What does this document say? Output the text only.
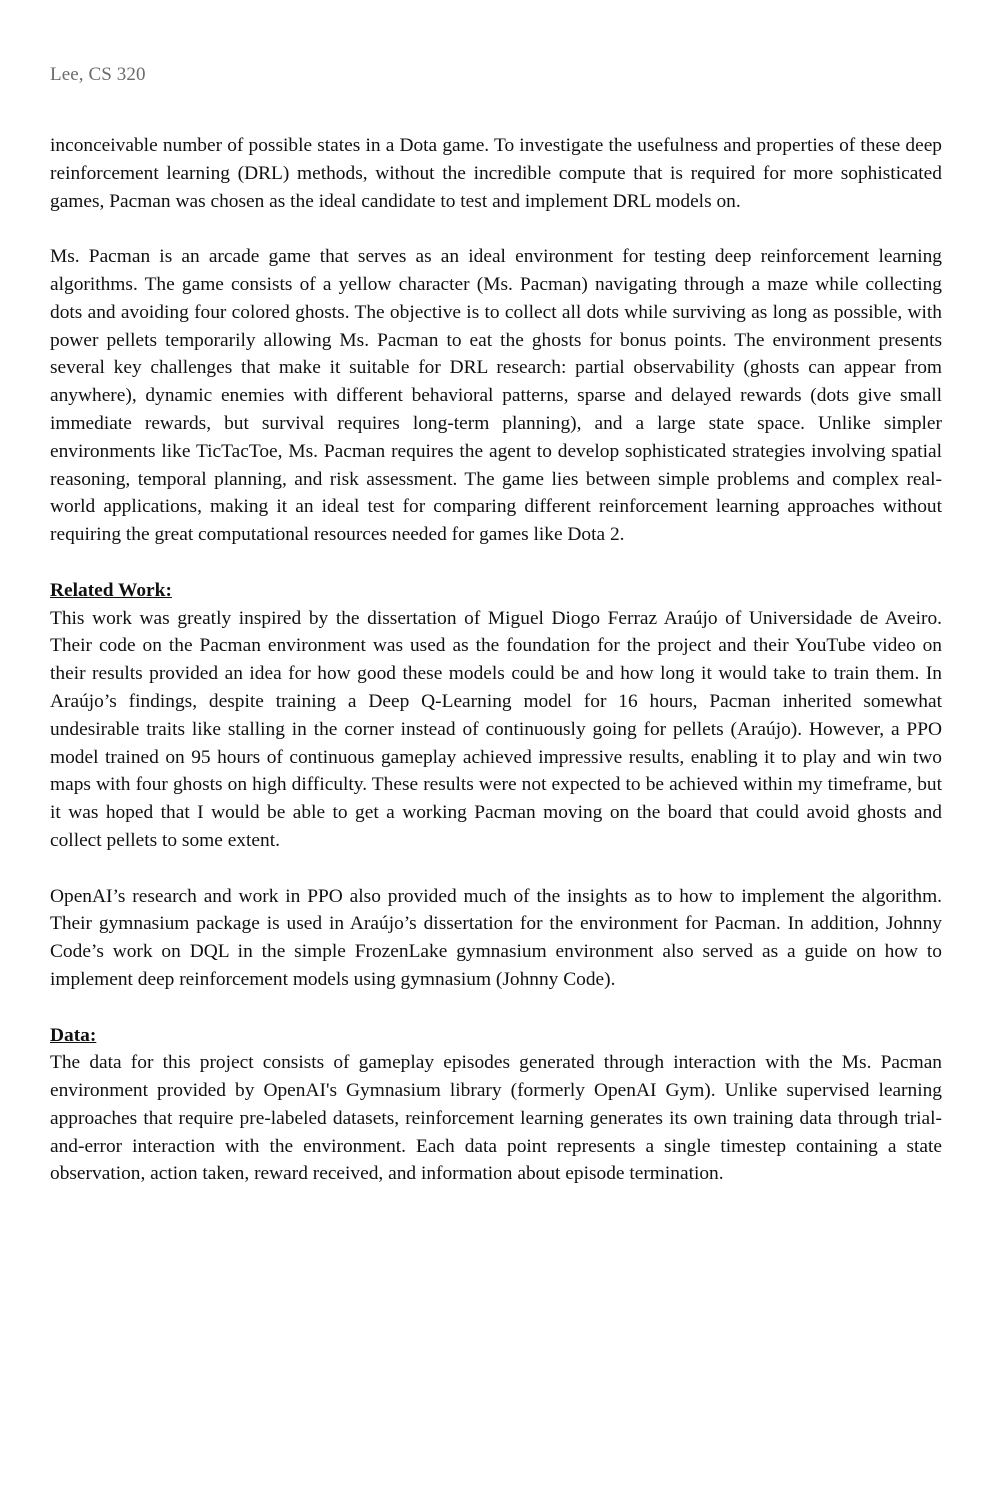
Lee, CS 320

inconceivable number of possible states in a Dota game. To investigate the usefulness and properties of these deep reinforcement learning (DRL) methods, without the incredible compute that is required for more sophisticated games, Pacman was chosen as the ideal candidate to test and implement DRL models on.

Ms. Pacman is an arcade game that serves as an ideal environment for testing deep reinforcement learning algorithms. The game consists of a yellow character (Ms. Pacman) navigating through a maze while collecting dots and avoiding four colored ghosts. The objective is to collect all dots while surviving as long as possible, with power pellets temporarily allowing Ms. Pacman to eat the ghosts for bonus points. The environment presents several key challenges that make it suitable for DRL research: partial observability (ghosts can appear from anywhere), dynamic enemies with different behavioral patterns, sparse and delayed rewards (dots give small immediate rewards, but survival requires long-term planning), and a large state space. Unlike simpler environments like TicTacToe, Ms. Pacman requires the agent to develop sophisticated strategies involving spatial reasoning, temporal planning, and risk assessment. The game lies between simple problems and complex real-world applications, making it an ideal test for comparing different reinforcement learning approaches without requiring the great computational resources needed for games like Dota 2.

Related Work:

This work was greatly inspired by the dissertation of Miguel Diogo Ferraz Araújo of Universidade de Aveiro. Their code on the Pacman environment was used as the foundation for the project and their YouTube video on their results provided an idea for how good these models could be and how long it would take to train them. In Araújo’s findings, despite training a Deep Q-Learning model for 16 hours, Pacman inherited somewhat undesirable traits like stalling in the corner instead of continuously going for pellets (Araújo). However, a PPO model trained on 95 hours of continuous gameplay achieved impressive results, enabling it to play and win two maps with four ghosts on high difficulty. These results were not expected to be achieved within my timeframe, but it was hoped that I would be able to get a working Pacman moving on the board that could avoid ghosts and collect pellets to some extent.

OpenAI’s research and work in PPO also provided much of the insights as to how to implement the algorithm. Their gymnasium package is used in Araújo’s dissertation for the environment for Pacman. In addition, Johnny Code’s work on DQL in the simple FrozenLake gymnasium environment also served as a guide on how to implement deep reinforcement models using gymnasium (Johnny Code).

Data:

The data for this project consists of gameplay episodes generated through interaction with the Ms. Pacman environment provided by OpenAI's Gymnasium library (formerly OpenAI Gym). Unlike supervised learning approaches that require pre-labeled datasets, reinforcement learning generates its own training data through trial-and-error interaction with the environment. Each data point represents a single timestep containing a state observation, action taken, reward received, and information about episode termination.
